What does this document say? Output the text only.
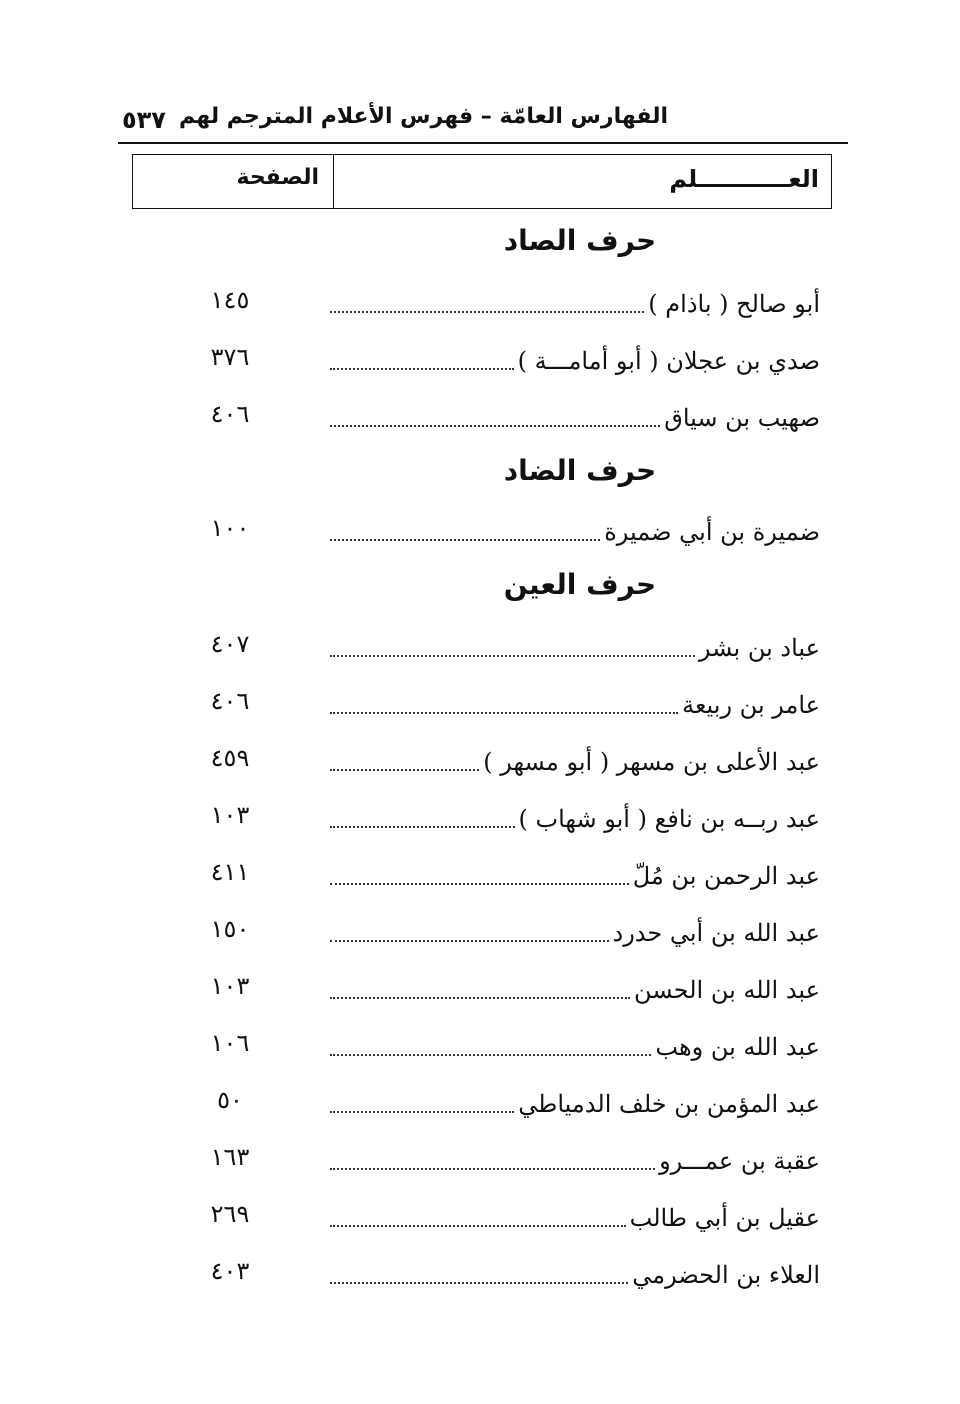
الفهارس العامّة – فهرس الأعلام المترجم لهم
٥٣٧
العـــــــــــلم
الصفحة
حرف الصاد
أبو صالح ( باذام )
١٤٥
صدي بن عجلان ( أبو أمامـــة )
٣٧٦
صهيب بن سياق
٤٠٦
حرف الضاد
ضميرة بن أبي ضميرة
١٠٠
حرف العين
عباد بن بشر
٤٠٧
عامر بن ربيعة
٤٠٦
عبد الأعلى بن مسهر ( أبو مسهر )
٤٥٩
عبد ربــه بن نافع ( أبو شهاب )
١٠٣
عبد الرحمن بن مُلّ
٤١١
عبد الله بن أبي حدرد
١٥٠
عبد الله بن الحسن
١٠٣
عبد الله بن وهب
١٠٦
عبد المؤمن بن خلف الدمياطي
٥٠
عقبة بن عمـــرو
١٦٣
عقيل بن أبي طالب
٢٦٩
العلاء بن الحضرمي
٤٠٣
